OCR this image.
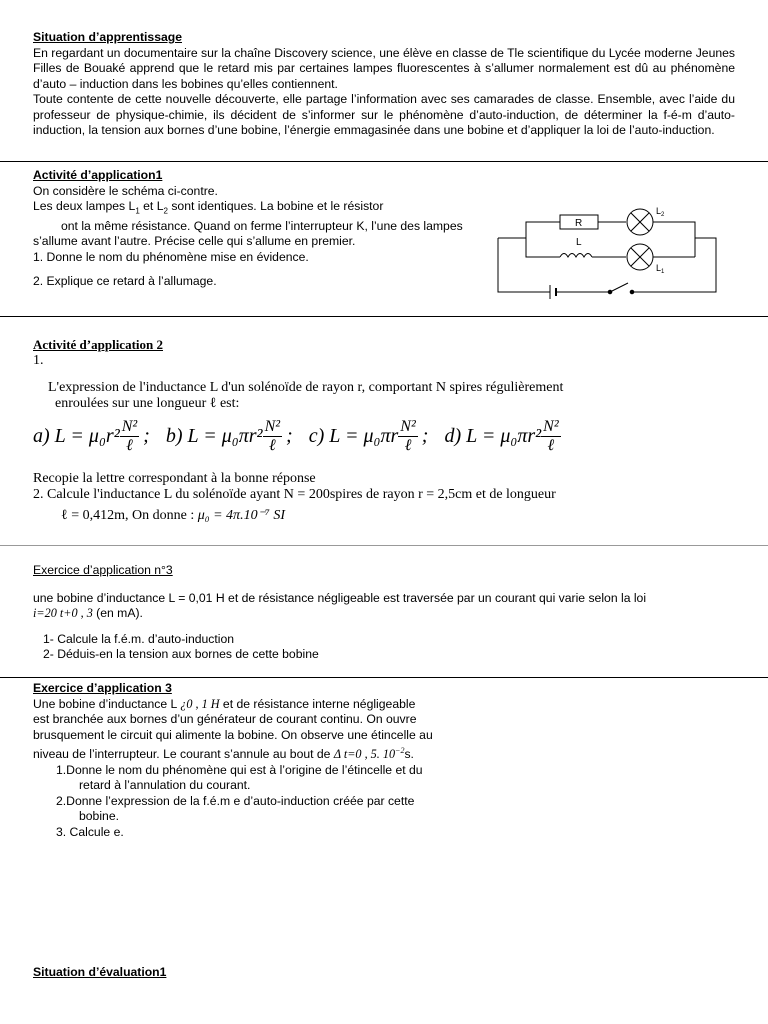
Situation d’apprentissage

En regardant un documentaire sur la chaîne Discovery science, une élève en classe de Tle scientifique du Lycée moderne Jeunes Filles de Bouaké apprend que le retard mis par certaines lampes fluorescentes à s’allumer normalement est dû au phénomène d’auto – induction dans les bobines qu’elles contiennent.

Toute contente de cette nouvelle découverte, elle partage l’information avec ses camarades de classe. Ensemble, avec l’aide du professeur de physique-chimie, ils décident de s’informer sur le phénomène d’auto-induction, de déterminer la f-é-m d’auto-induction, la tension aux bornes d’une bobine, l’énergie emmagasinée dans une bobine et d’appliquer la loi de l’auto-induction.

Activité d’application1

On considère le schéma ci-contre.

Les deux lampes $L_1$ et $L_2$ sont identiques. La bobine et le résistor

ont la même résistance. Quand on ferme l’interrupteur K, l’une des lampes

s’allume avant l’autre. Précise celle qui s’allume en premier.

1. Donne le nom du phénomène mise en évidence.

2. Explique ce retard à l’allumage.

R
L
$L_2$
$L_1$

Activité d’application 2

1.

L'expression de l'inductance L d'un solénoïde de rayon r, comportant N spires régulièrement

enroulées sur une longueur ℓ est:

a) $L = \mu_0r^2 \frac{\text{N²}}{\text{ℓ}}$ ; b) $L = \mu_0\pi r^2 \frac{\text{N²}}{\text{ℓ}}$ ; c) $L = \mu_0\pi r \frac{\text{N²}}{\text{ℓ}}$ ; d) $L = \mu_0\pi r^2 \frac{\text{N²}}{\text{ℓ}}$

Recopie la lettre correspondant à la bonne réponse

2. Calcule l'inductance L du solénoïde ayant N = 200spires de rayon r = 2,5cm et de longueur

ℓ = 0,412m, On donne : μ₀ = 4π.10⁻⁷ SI

Exercice d’application n°3

une bobine d’inductance L = 0,01 H et de résistance négligeable est traversée par un courant qui varie selon la loi

i=20 t+0 , 3 (en mA).

1- Calcule la f.é.m. d’auto-induction

2- Déduis-en la tension aux bornes de cette bobine

Exercice d’application 3

Une bobine d’inductance L ¿0 , 1 H et de résistance interne négligeable

est branchée aux bornes d’un générateur de courant continu. On ouvre

brusquement le circuit qui alimente la bobine. On observe une étincelle au

niveau de l’interrupteur. Le courant s’annule au bout de Δ t=0 , 5. $10^{-2}s$.

1.Donne le nom du phénomène qui est à l’origine de l’étincelle et du

retard à l’annulation du courant.

2.Donne l’expression de la f.é.m e d’auto-induction créée par cette

bobine.

3. Calcule e.

Situation d’évaluation1
